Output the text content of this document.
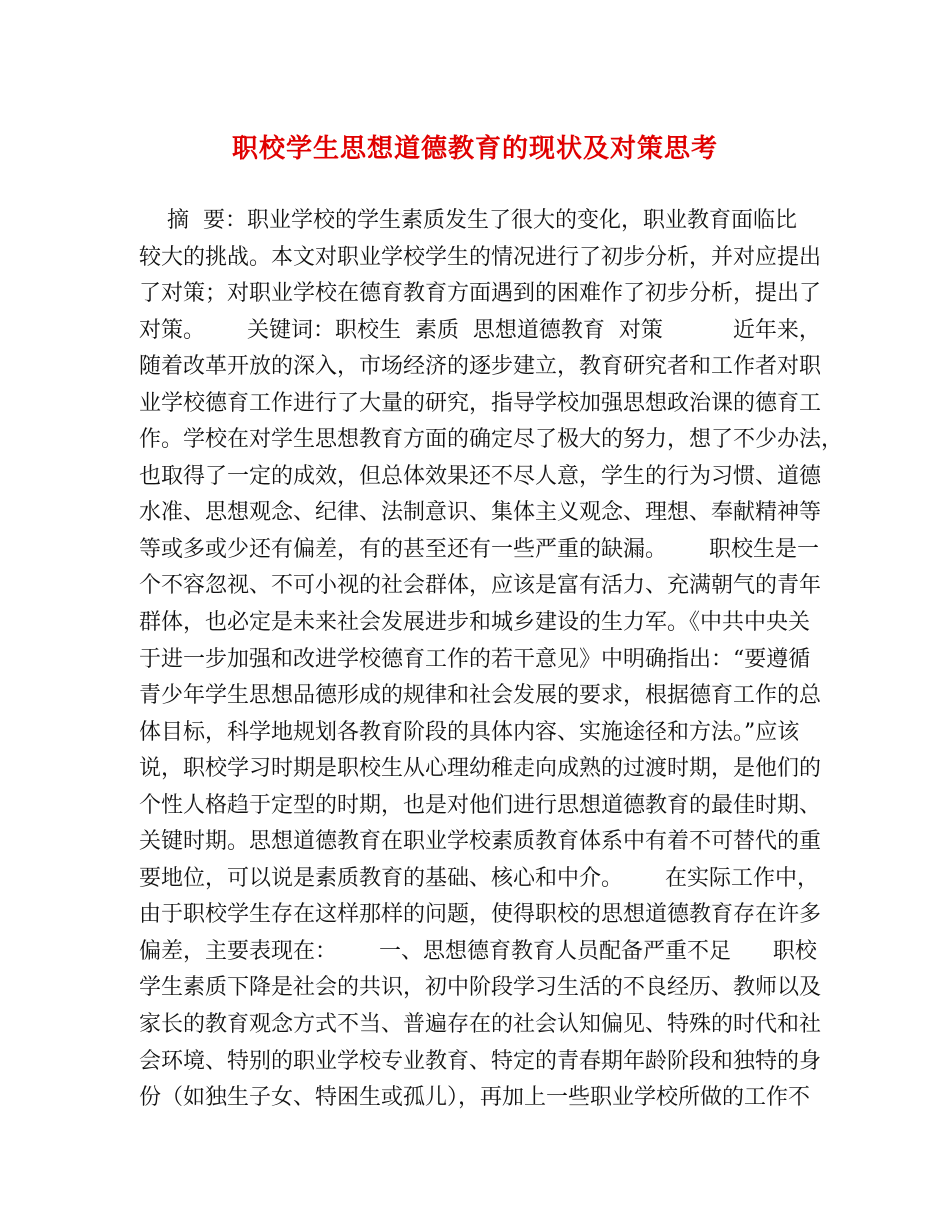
职校学生思想道德教育的现状及对策思考
摘  要：职业学校的学生素质发生了很大的变化，职业教育面临比
较大的挑战。本文对职业学校学生的情况进行了初步分析，并对应提出
了对策；对职业学校在德育教育方面遇到的困难作了初步分析，提出了
对策。      关键词：职校生  素质  思想道德教育  对策          近年来，
随着改革开放的深入，市场经济的逐步建立，教育研究者和工作者对职
业学校德育工作进行了大量的研究，指导学校加强思想政治课的德育工
作。学校在对学生思想教育方面的确定尽了极大的努力，想了不少办法，
也取得了一定的成效，但总体效果还不尽人意，学生的行为习惯、道德
水准、思想观念、纪律、法制意识、集体主义观念、理想、奉献精神等
等或多或少还有偏差，有的甚至还有一些严重的缺漏。      职校生是一
个不容忽视、不可小视的社会群体，应该是富有活力、充满朝气的青年
群体，也必定是未来社会发展进步和城乡建设的生力军。《中共中央关
于进一步加强和改进学校德育工作的若干意见》中明确指出：“要遵循
青少年学生思想品德形成的规律和社会发展的要求，根据德育工作的总
体目标，科学地规划各教育阶段的具体内容、实施途径和方法。”应该
说，职校学习时期是职校生从心理幼稚走向成熟的过渡时期，是他们的
个性人格趋于定型的时期，也是对他们进行思想道德教育的最佳时期、
关键时期。思想道德教育在职业学校素质教育体系中有着不可替代的重
要地位，可以说是素质教育的基础、核心和中介。      在实际工作中，
由于职校学生存在这样那样的问题，使得职校的思想道德教育存在许多
偏差，主要表现在：      一、思想德育教育人员配备严重不足      职校
学生素质下降是社会的共识，初中阶段学习生活的不良经历、教师以及
家长的教育观念方式不当、普遍存在的社会认知偏见、特殊的时代和社
会环境、特别的职业学校专业教育、特定的青春期年龄阶段和独特的身
份（如独生子女、特困生或孤儿），再加上一些职业学校所做的工作不
